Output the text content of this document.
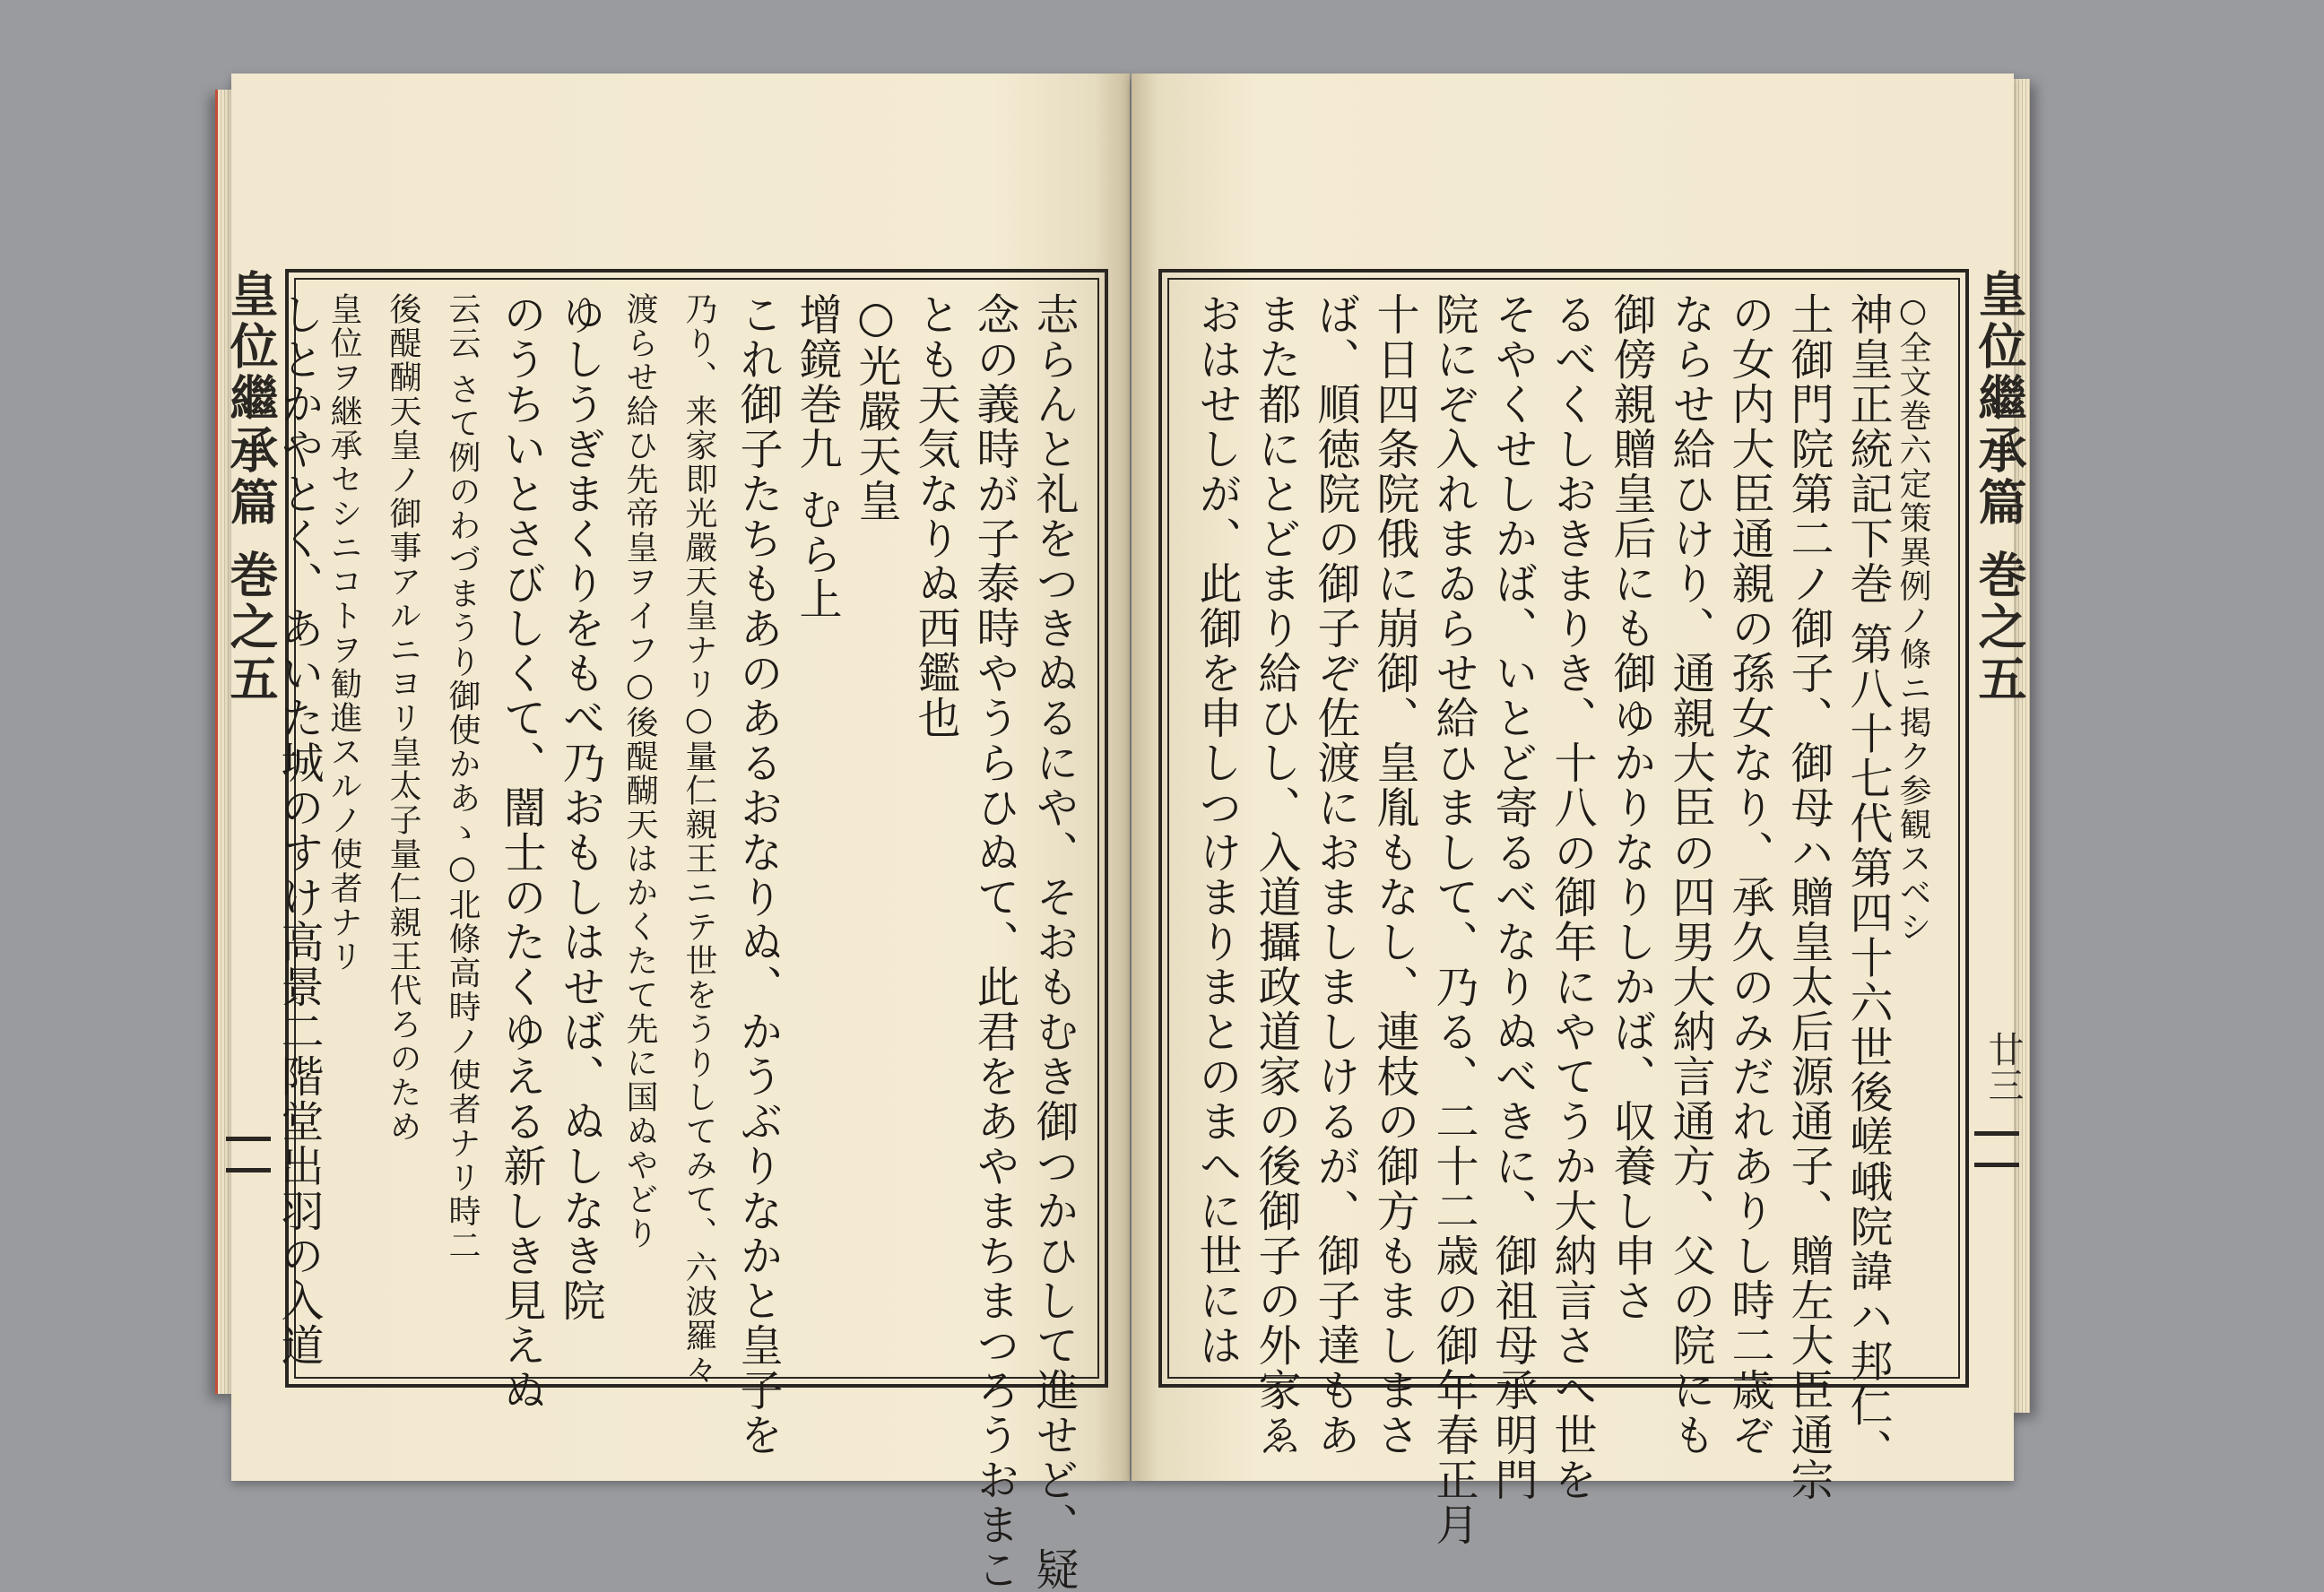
皇位繼承篇 巻之五	皇位繼承篇 巻之五
廿三
志らんと礼をつきぬるにや、そおもむき御つかひして進せど、疑
念の義時が子泰時やうらひぬて、此君をあやまちまつろうおまこ
とも天気なりぬ西鑑也
○光嚴天皇
增鏡巻九 むら上
これ御子たちもあのあるおなりぬ、かうぶりなかと皇子を
乃り、来家即光嚴天皇ナリ○量仁親王ニテ世をうりしてみて、六波羅々
渡らせ給ひ先帝皇ヲイフ○後醍醐天はかくたて先に国ぬやどり
ゆしうぎまくりをもべ乃おもしはせば、ぬしなき院
のうちいとさびしくて、闇士のたくゆえる新しき見えぬ
云云 さて例のわづまうり御使かあゝ○北條高時ノ使者ナリ時二
後醍醐天皇ノ御事アルニヨリ皇太子量仁親王代ろのため
皇位ヲ継承セシニコトヲ勧進スルノ使者ナリ
しとかやとく、あいた城のすけ高景二階堂出羽の入道	○全文巻六定策異例ノ條ニ掲ク参観スベシ
神皇正統記下巻 第八十七代第四十六世後嵯峨院諱ハ邦仁、
土御門院第二ノ御子、御母ハ贈皇太后源通子、贈左大臣通宗
の女内大臣通親の孫女なり、承久のみだれありし時二歳ぞ
ならせ給ひけり、通親大臣の四男大納言通方、父の院にも
御傍親贈皇后にも御ゆかりなりしかば、収養し申さ
るべくしおきまりき、十八の御年にやてうか大納言さへ世を
そやくせしかば、いとど寄るべなりぬべきに、御祖母承明門
院にぞ入れまゐらせ給ひまして、乃る、二十二歳の御年春正月
十日四条院俄に崩御、皇胤もなし、連枝の御方もましまさ
ば、順徳院の御子ぞ佐渡におましましけるが、御子達もあ
また都にとどまり給ひし、入道攝政道家の後御子の外家ゑ
おはせしが、此御を申しつけまりまとのまへに世には
